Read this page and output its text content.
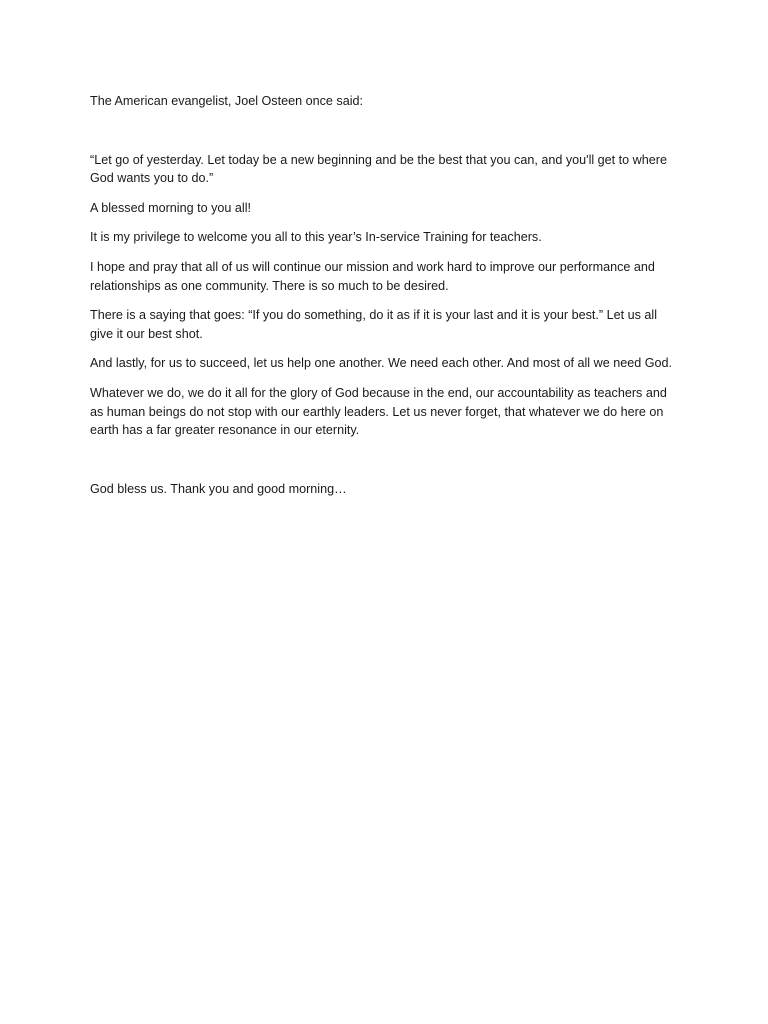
The American evangelist, Joel Osteen once said:

“Let go of yesterday. Let today be a new beginning and be the best that you can, and you'll get to where God wants you to do.”

A blessed morning to you all!

It is my privilege to welcome you all to this year’s In-service Training for teachers.

I hope and pray that all of us will continue our mission and work hard to improve our performance and relationships as one community. There is so much to be desired.

There is a saying that goes: “If you do something, do it as if it is your last and it is your best.” Let us all give it our best shot.

And lastly, for us to succeed, let us help one another. We need each other. And most of all we need God.

Whatever we do, we do it all for the glory of God because in the end, our accountability as teachers and as human beings do not stop with our earthly leaders. Let us never forget, that whatever we do here on earth has a far greater resonance in our eternity.

God bless us. Thank you and good morning…
